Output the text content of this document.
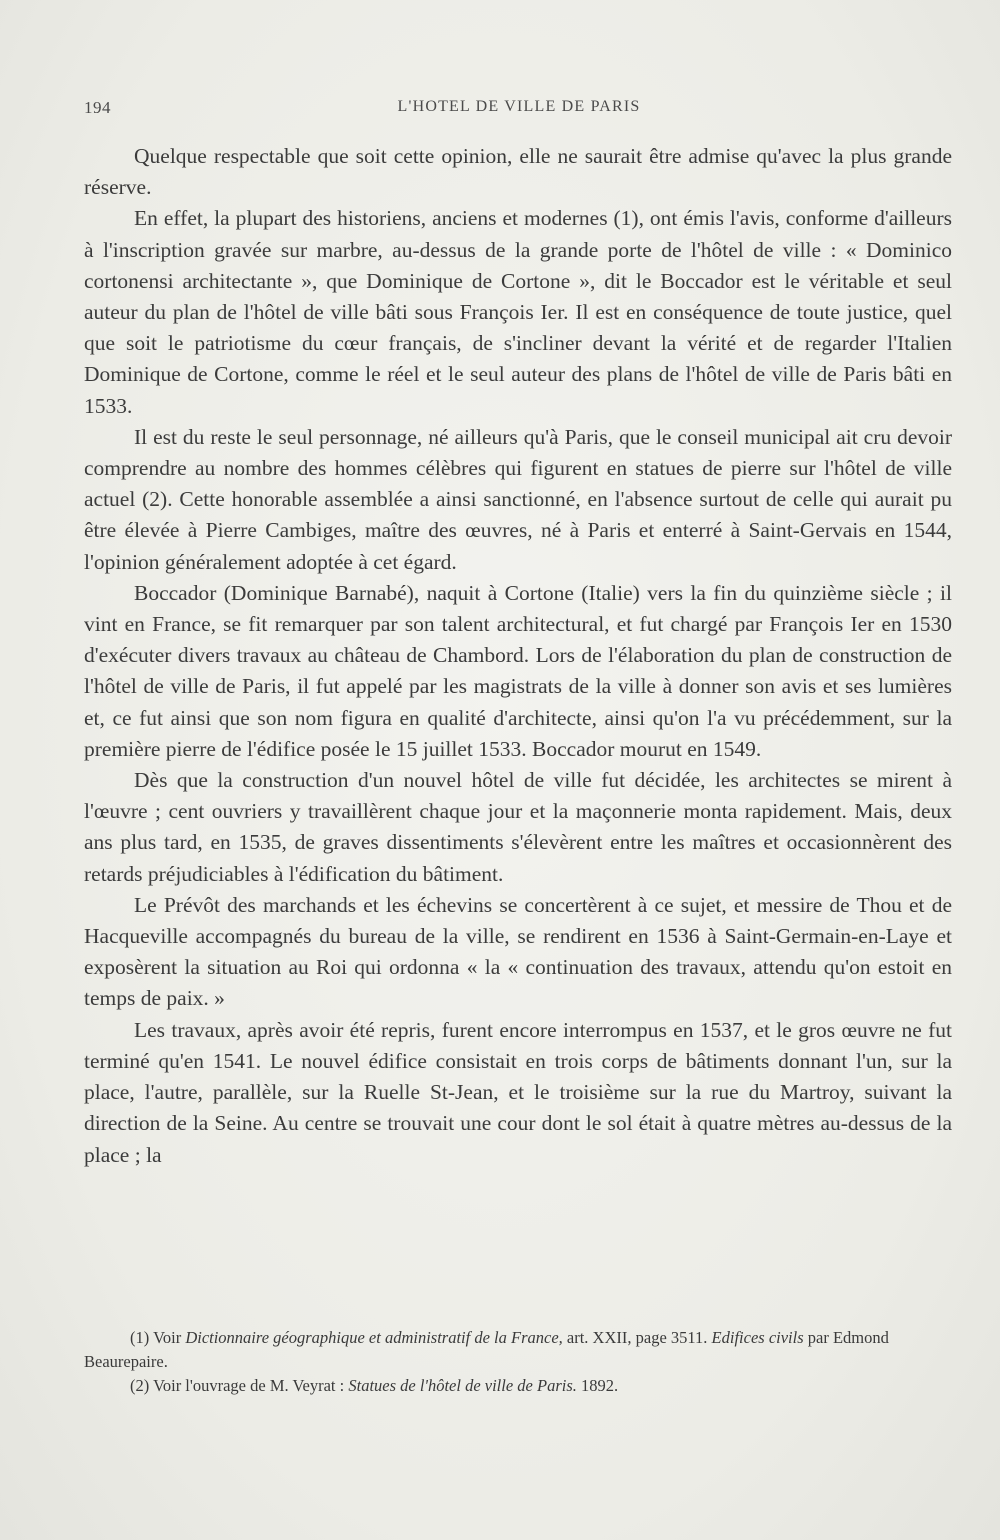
194	L'HOTEL DE VILLE DE PARIS

Quelque respectable que soit cette opinion, elle ne saurait être admise qu'avec la plus grande réserve.

En effet, la plupart des historiens, anciens et modernes (1), ont émis l'avis, conforme d'ailleurs à l'inscription gravée sur marbre, au-dessus de la grande porte de l'hôtel de ville : « Dominico cortonensi architectante », que Dominique de Cortone », dit le Boccador est le véritable et seul auteur du plan de l'hôtel de ville bâti sous François Ier. Il est en conséquence de toute justice, quel que soit le patriotisme du cœur français, de s'incliner devant la vérité et de regarder l'Italien Dominique de Cortone, comme le réel et le seul auteur des plans de l'hôtel de ville de Paris bâti en 1533.

Il est du reste le seul personnage, né ailleurs qu'à Paris, que le conseil municipal ait cru devoir comprendre au nombre des hommes célèbres qui figurent en statues de pierre sur l'hôtel de ville actuel (2). Cette honorable assemblée a ainsi sanctionné, en l'absence surtout de celle qui aurait pu être élevée à Pierre Cambiges, maître des œuvres, né à Paris et enterré à Saint-Gervais en 1544, l'opinion généralement adoptée à cet égard.

Boccador (Dominique Barnabé), naquit à Cortone (Italie) vers la fin du quinzième siècle ; il vint en France, se fit remarquer par son talent architectural, et fut chargé par François Ier en 1530 d'exécuter divers travaux au château de Chambord. Lors de l'élaboration du plan de construction de l'hôtel de ville de Paris, il fut appelé par les magistrats de la ville à donner son avis et ses lumières et, ce fut ainsi que son nom figura en qualité d'architecte, ainsi qu'on l'a vu précédemment, sur la première pierre de l'édifice posée le 15 juillet 1533. Boccador mourut en 1549.

Dès que la construction d'un nouvel hôtel de ville fut décidée, les architectes se mirent à l'œuvre ; cent ouvriers y travaillèrent chaque jour et la maçonnerie monta rapidement. Mais, deux ans plus tard, en 1535, de graves dissentiments s'élevèrent entre les maîtres et occasionnèrent des retards préjudiciables à l'édification du bâtiment.

Le Prévôt des marchands et les échevins se concertèrent à ce sujet, et messire de Thou et de Hacqueville accompagnés du bureau de la ville, se rendirent en 1536 à Saint-Germain-en-Laye et exposèrent la situation au Roi qui ordonna « la « continuation des travaux, attendu qu'on estoit en temps de paix. »

Les travaux, après avoir été repris, furent encore interrompus en 1537, et le gros œuvre ne fut terminé qu'en 1541. Le nouvel édifice consistait en trois corps de bâtiments donnant l'un, sur la place, l'autre, parallèle, sur la Ruelle St-Jean, et le troisième sur la rue du Martroy, suivant la direction de la Seine. Au centre se trouvait une cour dont le sol était à quatre mètres au-dessus de la place ; la

(1) Voir Dictionnaire géographique et administratif de la France, art. XXII, page 3511. Edifices civils par Edmond Beaurepaire.

(2) Voir l'ouvrage de M. Veyrat : Statues de l'hôtel de ville de Paris. 1892.
